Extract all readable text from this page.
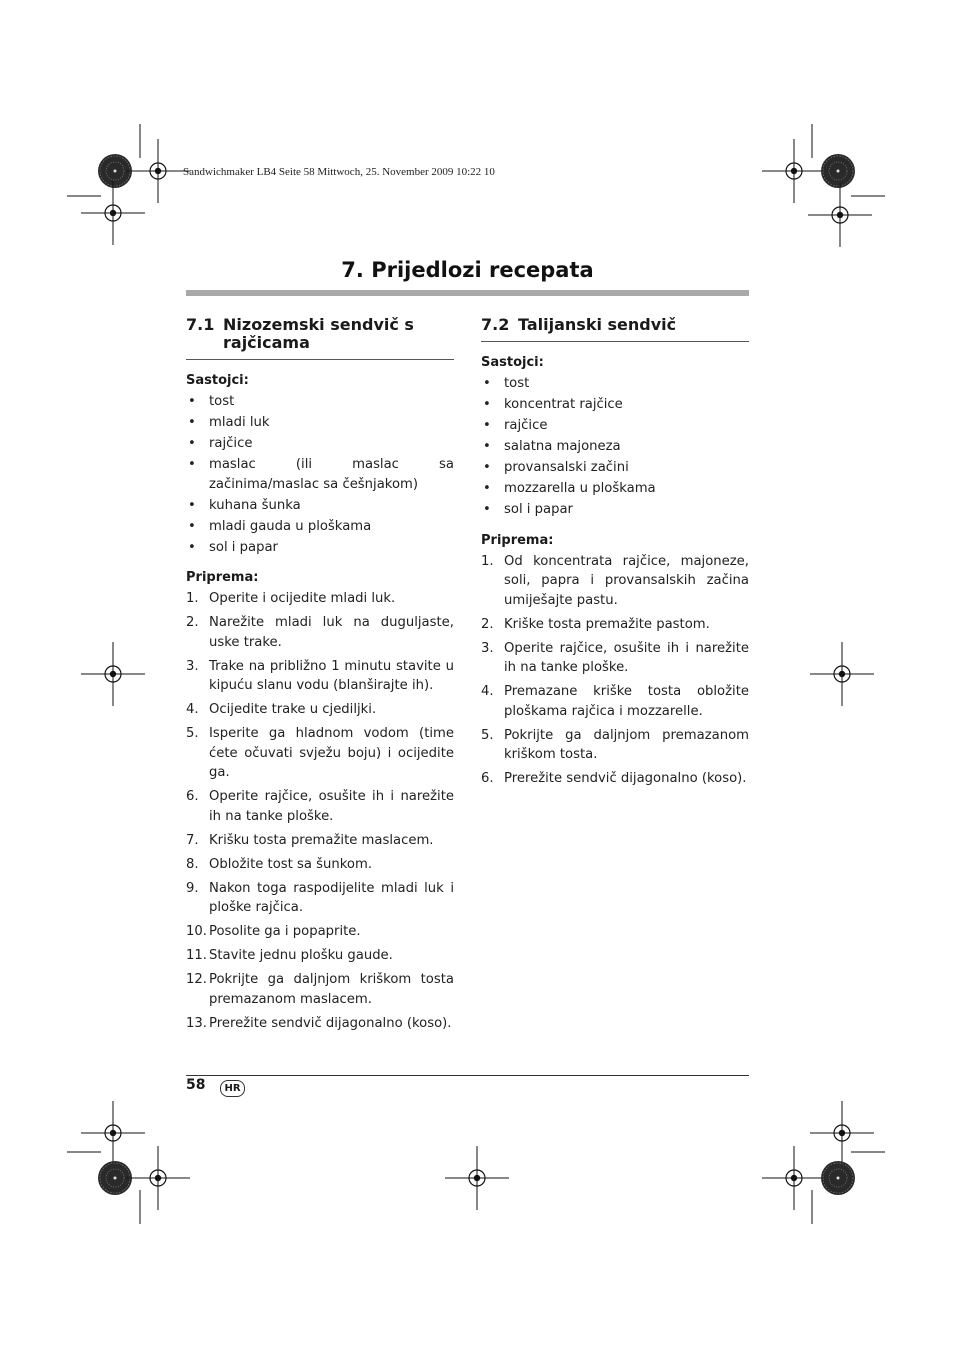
Sandwichmaker LB4 Seite 58 Mittwoch, 25. November 2009 10:22 10
7. Prijedlozi recepata
7.1 Nizozemski sendvič s rajčicama
Sastojci:
• tost
• mladi luk
• rajčice
• maslac (ili maslac sa začinima/maslac sa češnjakom)
• kuhana šunka
• mladi gauda u ploškama
• sol i papar
Priprema:
1. Operite i ocijedite mladi luk.
2. Narežite mladi luk na duguljaste, uske trake.
3. Trake na približno 1 minutu stavite u kipuću slanu vodu (blanširajte ih).
4. Ocijedite trake u cjediljki.
5. Isperite ga hladnom vodom (time ćete očuvati svježu boju) i ocijedite ga.
6. Operite rajčice, osušite ih i narežite ih na tanke ploške.
7. Krišku tosta premažite maslacem.
8. Obložite tost sa šunkom.
9. Nakon toga raspodijelite mladi luk i ploške rajčica.
10. Posolite ga i popaprite.
11. Stavite jednu plošku gaude.
12. Pokrijte ga daljnjom kriškom tosta premazanom maslacem.
13. Prerežite sendvič dijagonalno (koso).
7.2 Talijanski sendvič
Sastojci:
• tost
• koncentrat rajčice
• rajčice
• salatna majoneza
• provansalski začini
• mozzarella u ploškama
• sol i papar
Priprema:
1. Od koncentrata rajčice, majoneze, soli, papra i provansalskih začina umiješajte pastu.
2. Kriške tosta premažite pastom.
3. Operite rajčice, osušite ih i narežite ih na tanke ploške.
4. Premazane kriške tosta obložite ploškama rajčica i mozzarelle.
5. Pokrijte ga daljnjom premazanom kriškom tosta.
6. Prerežite sendvič dijagonalno (koso).
58	HR
